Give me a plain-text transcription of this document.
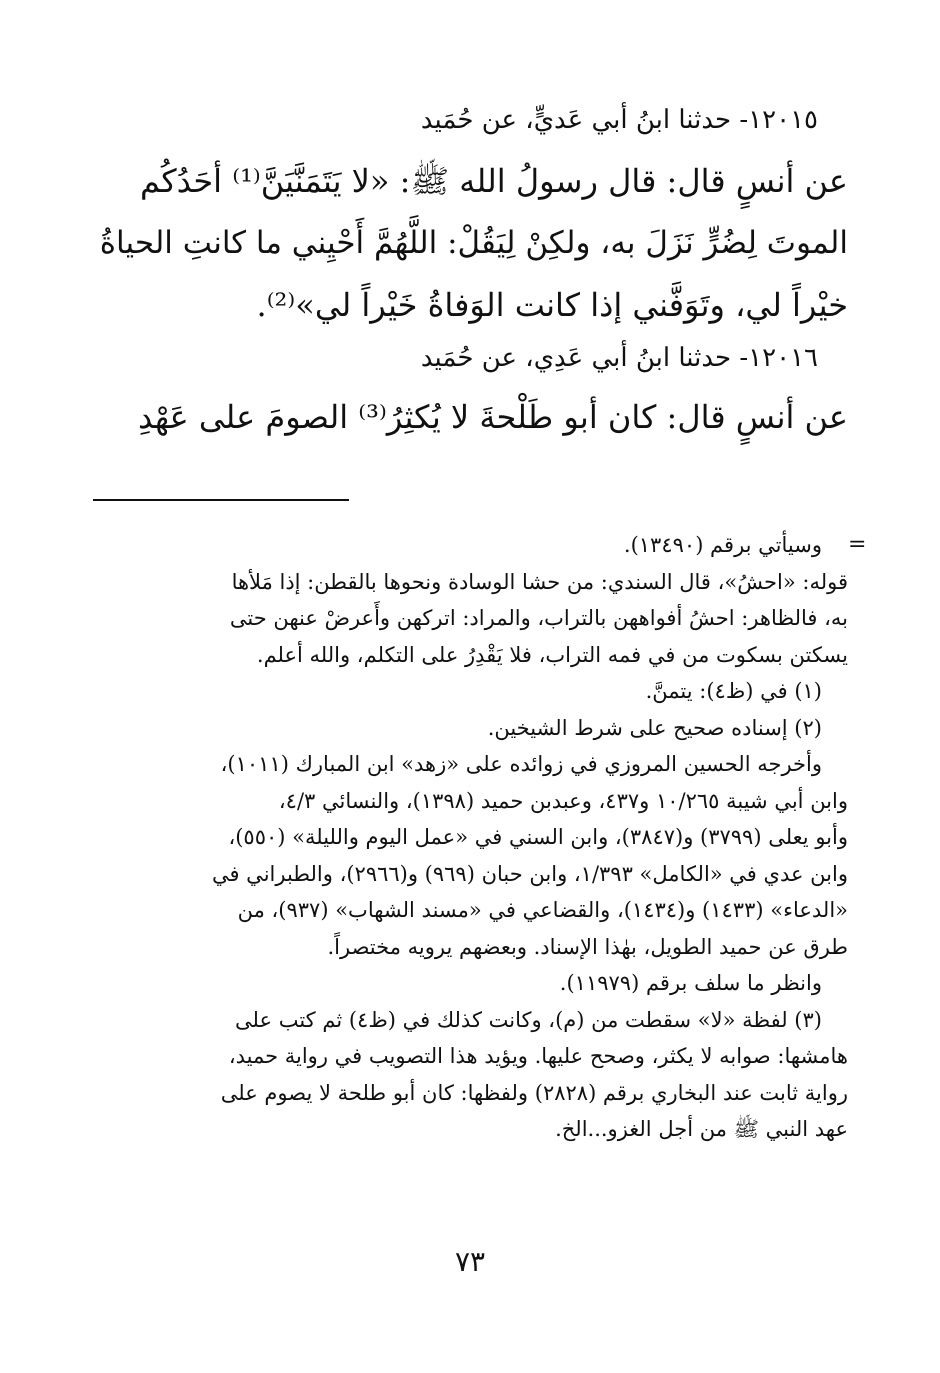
١٢٠١٥- حدثنا ابنُ أبي عَديٍّ، عن حُمَيد
عن أنسٍ قال: قال رسولُ الله ﷺ: «لا يَتَمَنَّيَنَّ⁽¹⁾ أحَدُكُم
الموتَ لِضُرٍّ نَزَلَ به، ولكِنْ لِيَقُلْ: اللَّهُمَّ أَحْيِني ما كانتِ الحياةُ
خيْراً لي، وتَوَفَّني إذا كانت الوَفاةُ خَيْراً لي»⁽²⁾.
١٢٠١٦- حدثنا ابنُ أبي عَدِي، عن حُمَيد
عن أنسٍ قال: كان أبو طَلْحةَ لا يُكثِرُ⁽³⁾ الصومَ على عَهْدِ
=
وسيأتي برقم (١٣٤٩٠).
قوله: «احشُ»، قال السندي: من حشا الوسادة ونحوها بالقطن: إذا مَلأها
به، فالظاهر: احشُ أفواههن بالتراب، والمراد: اتركهن وأَعرضْ عنهن حتى
يسكتن بسكوت من في فمه التراب، فلا يَقْدِرُ على التكلم، والله أعلم.
(١) في (ظ٤): يتمنَّ.
(٢) إسناده صحيح على شرط الشيخين.
وأخرجه الحسين المروزي في زوائده على «زهد» ابن المبارك (١٠١١)،
وابن أبي شيبة ١٠/٢٦٥ و٤٣٧، وعبدبن حميد (١٣٩٨)، والنسائي ٤/٣،
وأبو يعلى (٣٧٩٩) و(٣٨٤٧)، وابن السني في «عمل اليوم والليلة» (٥٥٠)،
وابن عدي في «الكامل» ١/٣٩٣، وابن حبان (٩٦٩) و(٢٩٦٦)، والطبراني في
«الدعاء» (١٤٣٣) و(١٤٣٤)، والقضاعي في «مسند الشهاب» (٩٣٧)، من
طرق عن حميد الطويل، بهٰذا الإسناد. وبعضهم يرويه مختصراً.
وانظر ما سلف برقم (١١٩٧٩).
(٣) لفظة «لا» سقطت من (م)، وكانت كذلك في (ظ٤) ثم كتب على
هامشها: صوابه لا يكثر، وصحح عليها. ويؤيد هذا التصويب في رواية حميد،
رواية ثابت عند البخاري برقم (٢٨٢٨) ولفظها: كان أبو طلحة لا يصوم على
عهد النبي ﷺ من أجل الغزو...الخ.
٧٣
